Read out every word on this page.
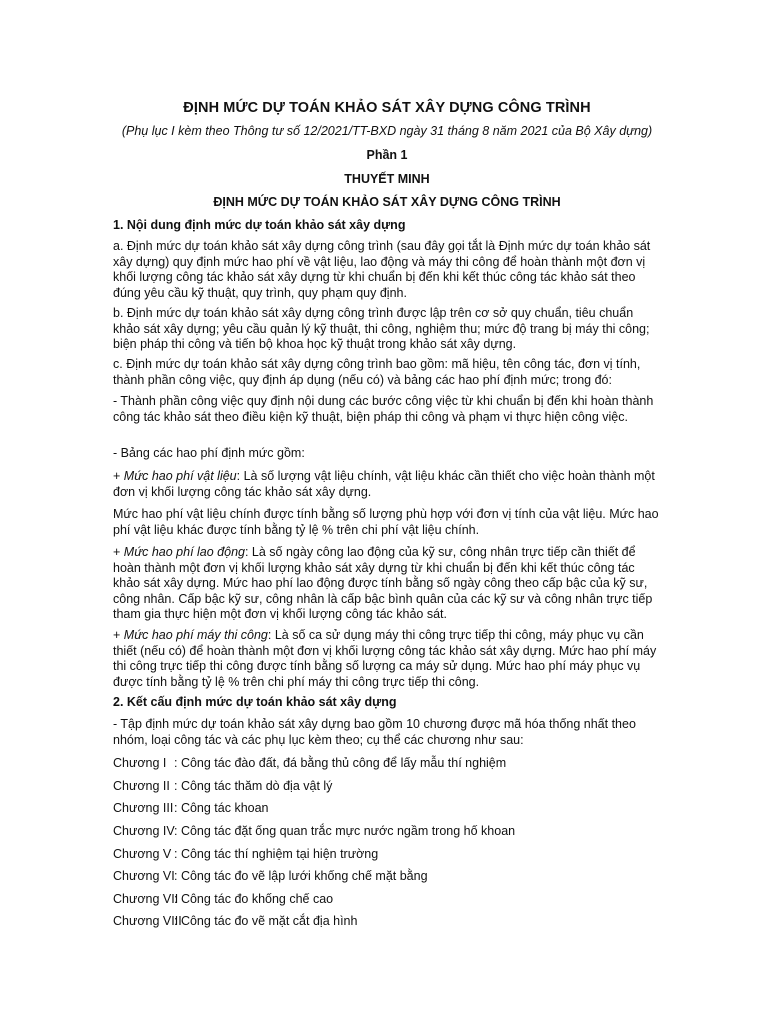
ĐỊNH MỨC DỰ TOÁN KHẢO SÁT XÂY DỰNG CÔNG TRÌNH
(Phụ lục I kèm theo Thông tư số 12/2021/TT-BXD ngày 31 tháng 8 năm 2021 của Bộ Xây dựng)
Phần 1
THUYẾT MINH
ĐỊNH MỨC DỰ TOÁN KHẢO SÁT XÂY DỰNG CÔNG TRÌNH
1. Nội dung định mức dự toán khảo sát xây dựng
a. Định mức dự toán khảo sát xây dựng công trình (sau đây gọi tắt là Định mức dự toán khảo sát xây dựng) quy định mức hao phí về vật liệu, lao động và máy thi công để hoàn thành một đơn vị khối lượng công tác khảo sát xây dựng từ khi chuẩn bị đến khi kết thúc công tác khảo sát theo đúng yêu cầu kỹ thuật, quy trình, quy phạm quy định.
b. Định mức dự toán khảo sát xây dựng công trình được lập trên cơ sở quy chuẩn, tiêu chuẩn khảo sát xây dựng; yêu cầu quản lý kỹ thuật, thi công, nghiệm thu; mức độ trang bị máy thi công; biện pháp thi công và tiến bộ khoa học kỹ thuật trong khảo sát xây dựng.
c. Định mức dự toán khảo sát xây dựng công trình bao gồm: mã hiệu, tên công tác, đơn vị tính, thành phần công việc, quy định áp dụng (nếu có) và bảng các hao phí định mức; trong đó:
- Thành phần công việc quy định nội dung các bước công việc từ khi chuẩn bị đến khi hoàn thành công tác khảo sát theo điều kiện kỹ thuật, biện pháp thi công và phạm vi thực hiện công việc.
- Bảng các hao phí định mức gồm:
+ Mức hao phí vật liệu: Là số lượng vật liệu chính, vật liệu khác cần thiết cho việc hoàn thành một đơn vị khối lượng công tác khảo sát xây dựng.
Mức hao phí vật liệu chính được tính bằng số lượng phù hợp với đơn vị tính của vật liệu. Mức hao phí vật liệu khác được tính bằng tỷ lệ % trên chi phí vật liệu chính.
+ Mức hao phí lao động: Là số ngày công lao động của kỹ sư, công nhân trực tiếp cần thiết để hoàn thành một đơn vị khối lượng khảo sát xây dựng từ khi chuẩn bị đến khi kết thúc công tác khảo sát xây dựng. Mức hao phí lao động được tính bằng số ngày công theo cấp bậc của kỹ sư, công nhân. Cấp bậc kỹ sư, công nhân là cấp bậc bình quân của các kỹ sư và công nhân trực tiếp tham gia thực hiện một đơn vị khối lượng công tác khảo sát.
+ Mức hao phí máy thi công: Là số ca sử dụng máy thi công trực tiếp thi công, máy phục vụ cần thiết (nếu có) để hoàn thành một đơn vị khối lượng công tác khảo sát xây dựng. Mức hao phí máy thi công trực tiếp thi công được tính bằng số lượng ca máy sử dụng. Mức hao phí máy phục vụ được tính bằng tỷ lệ % trên chi phí máy thi công trực tiếp thi công.
2. Kết cấu định mức dự toán khảo sát xây dựng
- Tập định mức dự toán khảo sát xây dựng bao gồm 10 chương được mã hóa thống nhất theo nhóm, loại công tác và các phụ lục kèm theo; cụ thể các chương như sau:
Chương I : Công tác đào đất, đá bằng thủ công để lấy mẫu thí nghiệm
Chương II : Công tác thăm dò địa vật lý
Chương III: Công tác khoan
Chương IV: Công tác đặt ống quan trắc mực nước ngầm trong hố khoan
Chương V : Công tác thí nghiệm tại hiện trường
Chương VI: Công tác đo vẽ lập lưới khống chế mặt bằng
Chương VII: Công tác đo khống chế cao
Chương VIII: Công tác đo vẽ mặt cắt địa hình
